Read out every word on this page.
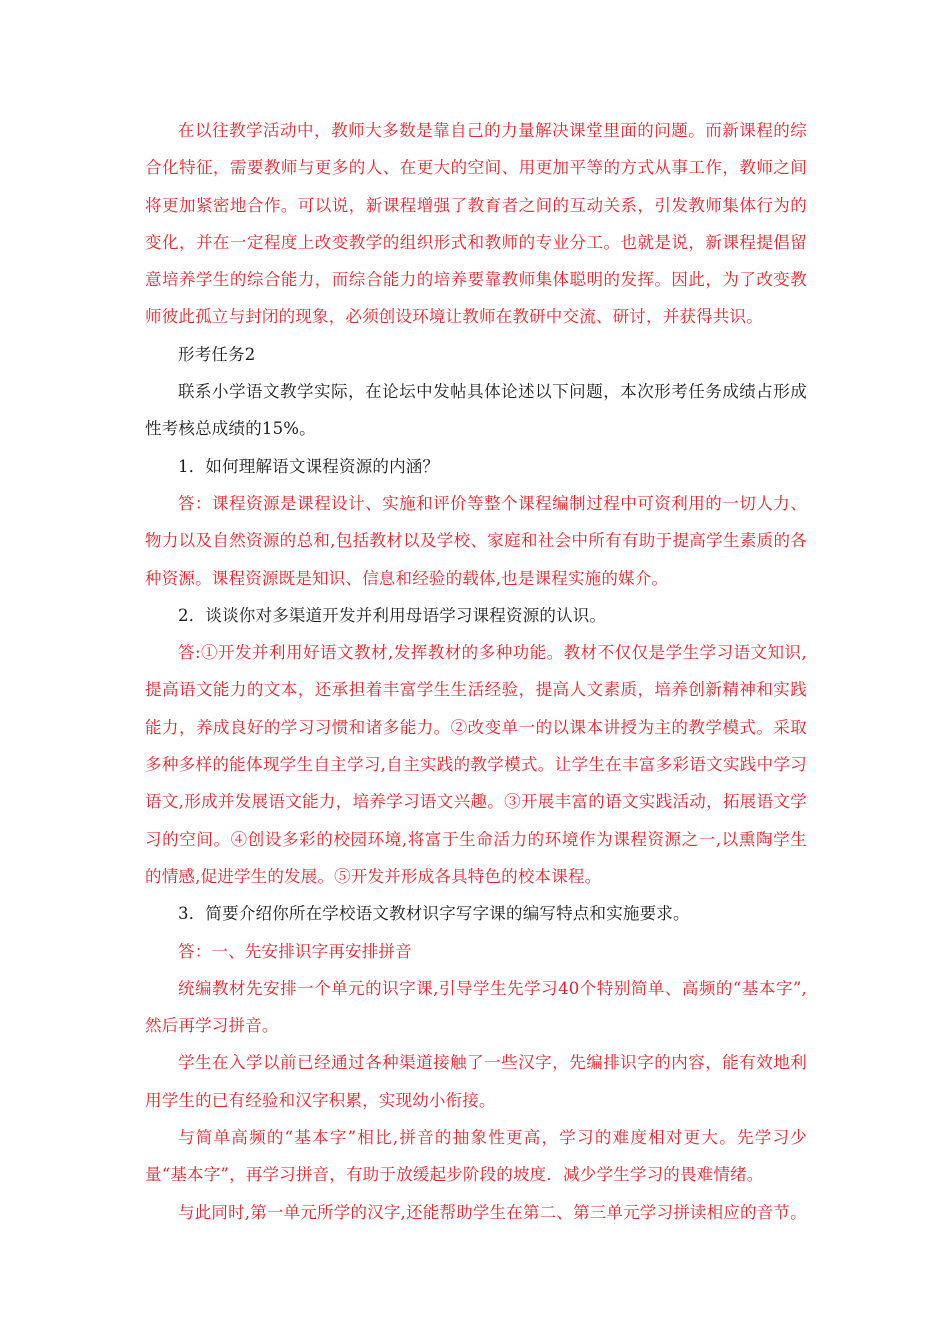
在以往教学活动中，教师大多数是靠自己的力量解决课堂里面的问题。而新课程的综合化特征，需要教师与更多的人、在更大的空间、用更加平等的方式从事工作，教师之间将更加紧密地合作。可以说，新课程增强了教育者之间的互动关系，引发教师集体行为的变化，并在一定程度上改变教学的组织形式和教师的专业分工。也就是说，新课程提倡留意培养学生的综合能力，而综合能力的培养要靠教师集体聪明的发挥。因此，为了改变教师彼此孤立与封闭的现象，必须创设环境让教师在教研中交流、研讨，并获得共识。

形考任务2

联系小学语文教学实际，在论坛中发帖具体论述以下问题，本次形考任务成绩占形成性考核总成绩的15%。

1．如何理解语文课程资源的内涵？

答：课程资源是课程设计、实施和评价等整个课程编制过程中可资利用的一切人力、物力以及自然资源的总和,包括教材以及学校、家庭和社会中所有有助于提高学生素质的各种资源。课程资源既是知识、信息和经验的载体,也是课程实施的媒介。

2．谈谈你对多渠道开发并利用母语学习课程资源的认识。

答:①开发并利用好语文教材,发挥教材的多种功能。教材不仅仅是学生学习语文知识,提高语文能力的文本，还承担着丰富学生生活经验，提高人文素质，培养创新精神和实践能力，养成良好的学习习惯和诸多能力。②改变单一的以课本讲授为主的教学模式。采取多种多样的能体现学生自主学习,自主实践的教学模式。让学生在丰富多彩语文实践中学习语文,形成并发展语文能力，培养学习语文兴趣。③开展丰富的语文实践活动，拓展语文学习的空间。④创设多彩的校园环境,将富于生命活力的环境作为课程资源之一,以熏陶学生的情感,促进学生的发展。⑤开发并形成各具特色的校本课程。

3．简要介绍你所在学校语文教材识字写字课的编写特点和实施要求。

答：一、先安排识字再安排拼音

统编教材先安排一个单元的识字课,引导学生先学习40个特别简单、高频的“基本字”,然后再学习拼音。

学生在入学以前已经通过各种渠道接触了一些汉字，先编排识字的内容，能有效地利用学生的已有经验和汉字积累，实现幼小衔接。

与简单高频的“基本字”相比,拼音的抽象性更高，学习的难度相对更大。先学习少量“基本字”，再学习拼音，有助于放缓起步阶段的坡度．减少学生学习的畏难情绪。

与此同时,第一单元所学的汉字,还能帮助学生在第二、第三单元学习拼读相应的音节。
